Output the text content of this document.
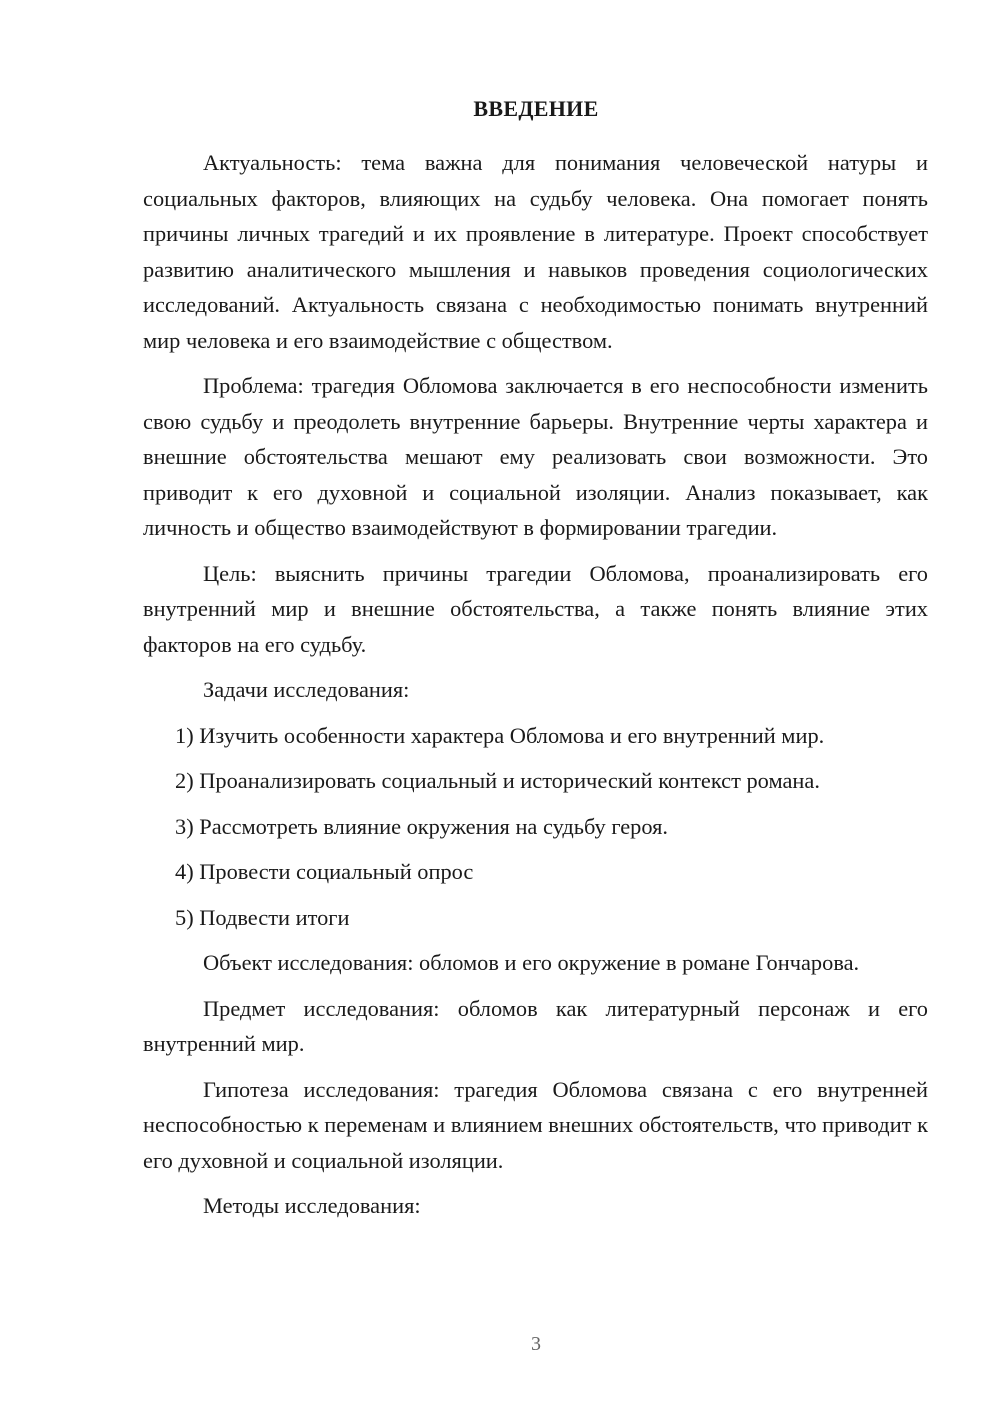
ВВЕДЕНИЕ

Актуальность: тема важна для понимания человеческой натуры и социальных факторов, влияющих на судьбу человека. Она помогает понять причины личных трагедий и их проявление в литературе. Проект способствует развитию аналитического мышления и навыков проведения социологических исследований. Актуальность связана с необходимостью понимать внутренний мир человека и его взаимодействие с обществом.

Проблема: трагедия Обломова заключается в его неспособности изменить свою судьбу и преодолеть внутренние барьеры. Внутренние черты характера и внешние обстоятельства мешают ему реализовать свои возможности. Это приводит к его духовной и социальной изоляции. Анализ показывает, как личность и общество взаимодействуют в формировании трагедии.

Цель: выяснить причины трагедии Обломова, проанализировать его внутренний мир и внешние обстоятельства, а также понять влияние этих факторов на его судьбу.

Задачи исследования:

1) Изучить особенности характера Обломова и его внутренний мир.

2) Проанализировать социальный и исторический контекст романа.

3) Рассмотреть влияние окружения на судьбу героя.

4) Провести социальный опрос

5) Подвести итоги

Объект исследования: обломов и его окружение в романе Гончарова.

Предмет исследования: обломов как литературный персонаж и его внутренний мир.

Гипотеза исследования: трагедия Обломова связана с его внутренней неспособностью к переменам и влиянием внешних обстоятельств, что приводит к его духовной и социальной изоляции.

Методы исследования:

3
